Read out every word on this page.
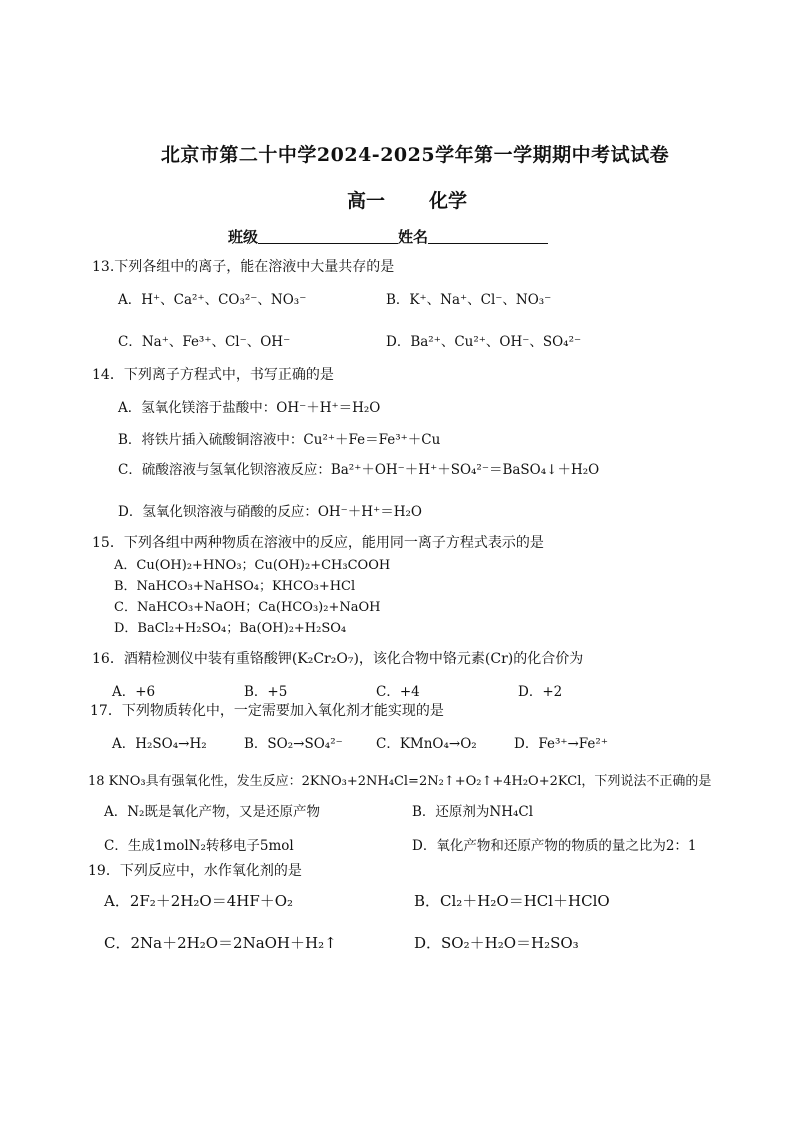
北京市第二十中学2024-2025学年第一学期期中考试试卷
高一 化学
班级	姓名
13.下列各组中的离子，能在溶液中大量共存的是
A．H⁺、Ca²⁺、CO₃²⁻、NO₃⁻	B．K⁺、Na⁺、Cl⁻、NO₃⁻
C．Na⁺、Fe³⁺、Cl⁻、OH⁻	D．Ba²⁺、Cu²⁺、OH⁻、SO₄²⁻
14．下列离子方程式中，书写正确的是
A．氢氧化镁溶于盐酸中：OH⁻＋H⁺＝H₂O
B．将铁片插入硫酸铜溶液中：Cu²⁺＋Fe＝Fe³⁺＋Cu
C．硫酸溶液与氢氧化钡溶液反应：Ba²⁺＋OH⁻＋H⁺＋SO₄²⁻＝BaSO₄↓＋H₂O
D．氢氧化钡溶液与硝酸的反应：OH⁻＋H⁺＝H₂O
15．下列各组中两种物质在溶液中的反应，能用同一离子方程式表示的是
A．Cu(OH)₂+HNO₃；Cu(OH)₂+CH₃COOH
B．NaHCO₃+NaHSO₄；KHCO₃+HCl
C．NaHCO₃+NaOH；Ca(HCO₃)₂+NaOH
D．BaCl₂+H₂SO₄；Ba(OH)₂+H₂SO₄
16．酒精检测仪中装有重铬酸钾(K₂Cr₂O₇)，该化合物中铬元素(Cr)的化合价为
A．+6	B．+5	C．+4	D．+2
17．下列物质转化中，一定需要加入氧化剂才能实现的是
A．H₂SO₄→H₂	B．SO₂→SO₄²⁻ C．KMnO₄→O₂	D．Fe³⁺→Fe²⁺
18 KNO₃具有强氧化性，发生反应：2KNO₃+2NH₄Cl=2N₂↑+O₂↑+4H₂O+2KCl，下列说法不正确的是
A．N₂既是氧化产物，又是还原产物	B．还原剂为NH₄Cl
C．生成1molN₂转移电子5mol	D．氧化产物和还原产物的物质的量之比为2：1
19．下列反应中，水作氧化剂的是
A．2F₂＋2H₂O＝4HF＋O₂	B．Cl₂＋H₂O＝HCl＋HClO
C．2Na＋2H₂O＝2NaOH＋H₂↑	D．SO₂＋H₂O＝H₂SO₃
